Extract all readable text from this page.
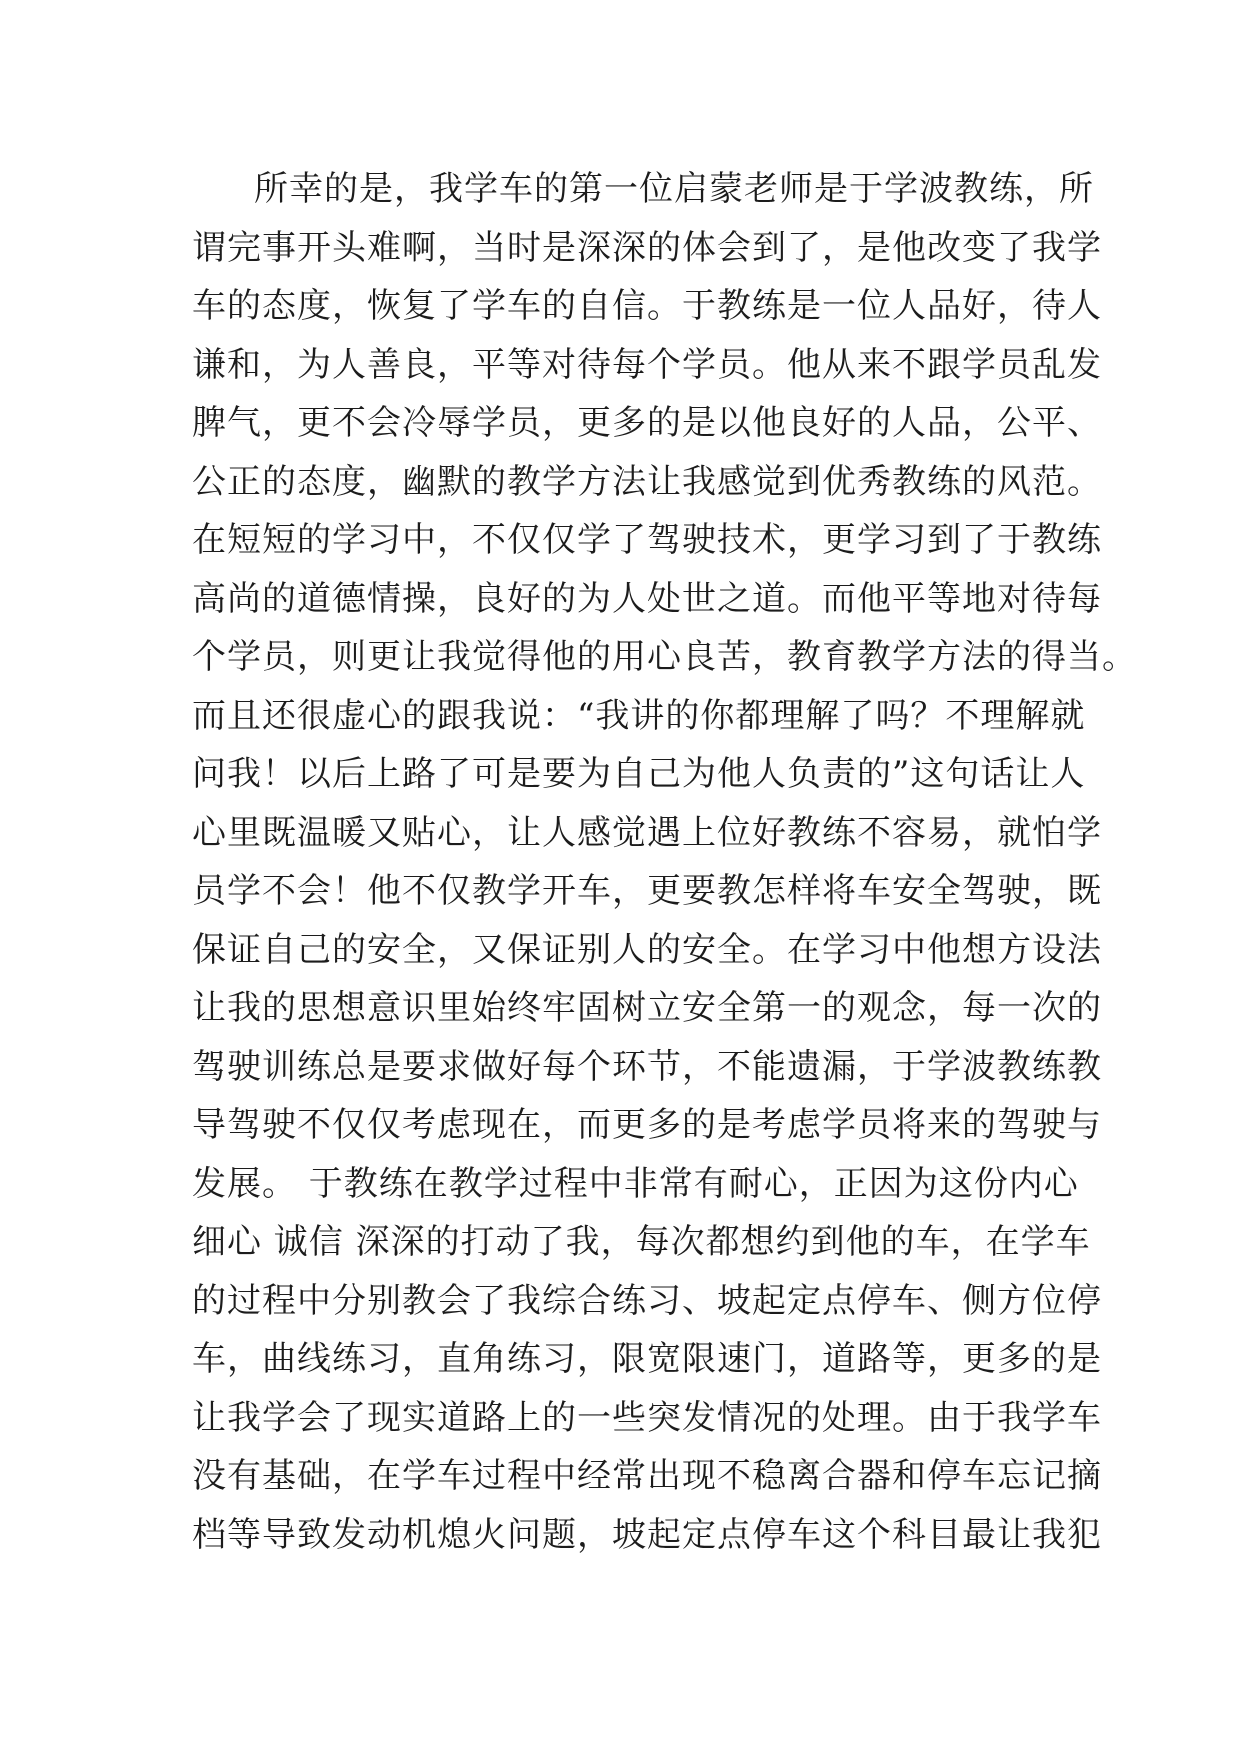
所幸的是，我学车的第一位启蒙老师是于学波教练，所
谓完事开头难啊，当时是深深的体会到了，是他改变了我学
车的态度，恢复了学车的自信。于教练是一位人品好，待人
谦和，为人善良，平等对待每个学员。他从来不跟学员乱发
脾气，更不会冷辱学员，更多的是以他良好的人品，公平、
公正的态度，幽默的教学方法让我感觉到优秀教练的风范。
在短短的学习中，不仅仅学了驾驶技术，更学习到了于教练
高尚的道德情操，良好的为人处世之道。而他平等地对待每
个学员，则更让我觉得他的用心良苦，教育教学方法的得当。
而且还很虚心的跟我说：“我讲的你都理解了吗？不理解就
问我！以后上路了可是要为自己为他人负责的”这句话让人
心里既温暖又贴心，让人感觉遇上位好教练不容易，就怕学
员学不会！他不仅教学开车，更要教怎样将车安全驾驶，既
保证自己的安全，又保证别人的安全。在学习中他想方设法
让我的思想意识里始终牢固树立安全第一的观念，每一次的
驾驶训练总是要求做好每个环节，不能遗漏，于学波教练教
导驾驶不仅仅考虑现在，而更多的是考虑学员将来的驾驶与
发展。 于教练在教学过程中非常有耐心，正因为这份内心
细心 诚信 深深的打动了我，每次都想约到他的车，在学车
的过程中分别教会了我综合练习、坡起定点停车、侧方位停
车，曲线练习，直角练习，限宽限速门，道路等，更多的是
让我学会了现实道路上的一些突发情况的处理。由于我学车
没有基础，在学车过程中经常出现不稳离合器和停车忘记摘
档等导致发动机熄火问题，坡起定点停车这个科目最让我犯
